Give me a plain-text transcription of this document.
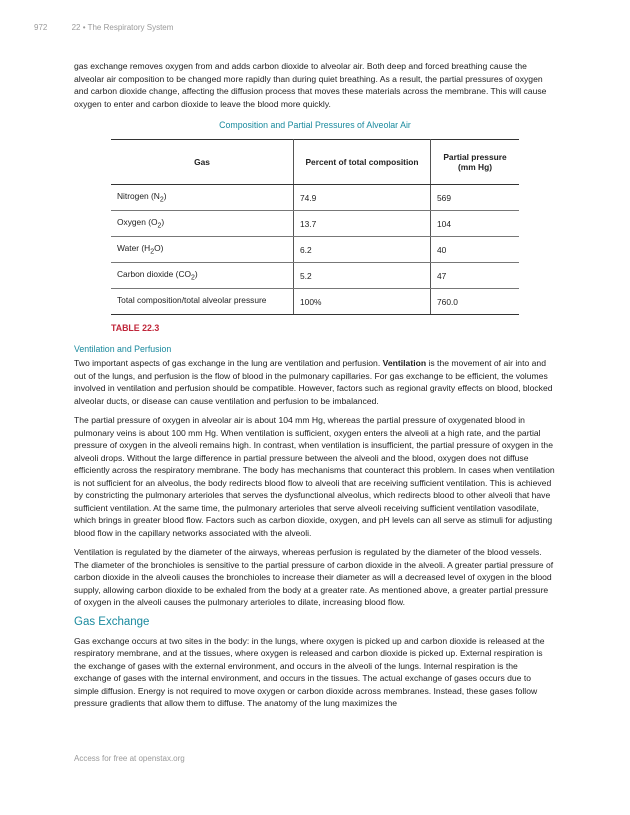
972	22 • The Respiratory System

gas exchange removes oxygen from and adds carbon dioxide to alveolar air. Both deep and forced breathing cause the alveolar air composition to be changed more rapidly than during quiet breathing. As a result, the partial pressures of oxygen and carbon dioxide change, affecting the diffusion process that moves these materials across the membrane. This will cause oxygen to enter and carbon dioxide to leave the blood more quickly.

Composition and Partial Pressures of Alveolar Air
Gas	Percent of total composition	Partial pressure (mm Hg)
Nitrogen $(N_2)$	74.9	569
Oxygen $(O_2)$	13.7	104
Water $(H_2O)$	6.2	40
Carbon dioxide $(CO_2)$	5.2	47
Total composition/total alveolar pressure	100%	760.0
TABLE 22.3
Ventilation and Perfusion

Two important aspects of gas exchange in the lung are ventilation and perfusion. Ventilation is the movement of air into and out of the lungs, and perfusion is the flow of blood in the pulmonary capillaries. For gas exchange to be efficient, the volumes involved in ventilation and perfusion should be compatible. However, factors such as regional gravity effects on blood, blocked alveolar ducts, or disease can cause ventilation and perfusion to be imbalanced.

The partial pressure of oxygen in alveolar air is about 104 mm Hg, whereas the partial pressure of oxygenated blood in pulmonary veins is about 100 mm Hg. When ventilation is sufficient, oxygen enters the alveoli at a high rate, and the partial pressure of oxygen in the alveoli remains high. In contrast, when ventilation is insufficient, the partial pressure of oxygen in the alveoli drops. Without the large difference in partial pressure between the alveoli and the blood, oxygen does not diffuse efficiently across the respiratory membrane. The body has mechanisms that counteract this problem. In cases when ventilation is not sufficient for an alveolus, the body redirects blood flow to alveoli that are receiving sufficient ventilation. This is achieved by constricting the pulmonary arterioles that serves the dysfunctional alveolus, which redirects blood to other alveoli that have sufficient ventilation. At the same time, the pulmonary arterioles that serve alveoli receiving sufficient ventilation vasodilate, which brings in greater blood flow. Factors such as carbon dioxide, oxygen, and pH levels can all serve as stimuli for adjusting blood flow in the capillary networks associated with the alveoli.

Ventilation is regulated by the diameter of the airways, whereas perfusion is regulated by the diameter of the blood vessels. The diameter of the bronchioles is sensitive to the partial pressure of carbon dioxide in the alveoli. A greater partial pressure of carbon dioxide in the alveoli causes the bronchioles to increase their diameter as will a decreased level of oxygen in the blood supply, allowing carbon dioxide to be exhaled from the body at a greater rate. As mentioned above, a greater partial pressure of oxygen in the alveoli causes the pulmonary arterioles to dilate, increasing blood flow.

Gas Exchange

Gas exchange occurs at two sites in the body: in the lungs, where oxygen is picked up and carbon dioxide is released at the respiratory membrane, and at the tissues, where oxygen is released and carbon dioxide is picked up. External respiration is the exchange of gases with the external environment, and occurs in the alveoli of the lungs. Internal respiration is the exchange of gases with the internal environment, and occurs in the tissues. The actual exchange of gases occurs due to simple diffusion. Energy is not required to move oxygen or carbon dioxide across membranes. Instead, these gases follow pressure gradients that allow them to diffuse. The anatomy of the lung maximizes the

Access for free at openstax.org
